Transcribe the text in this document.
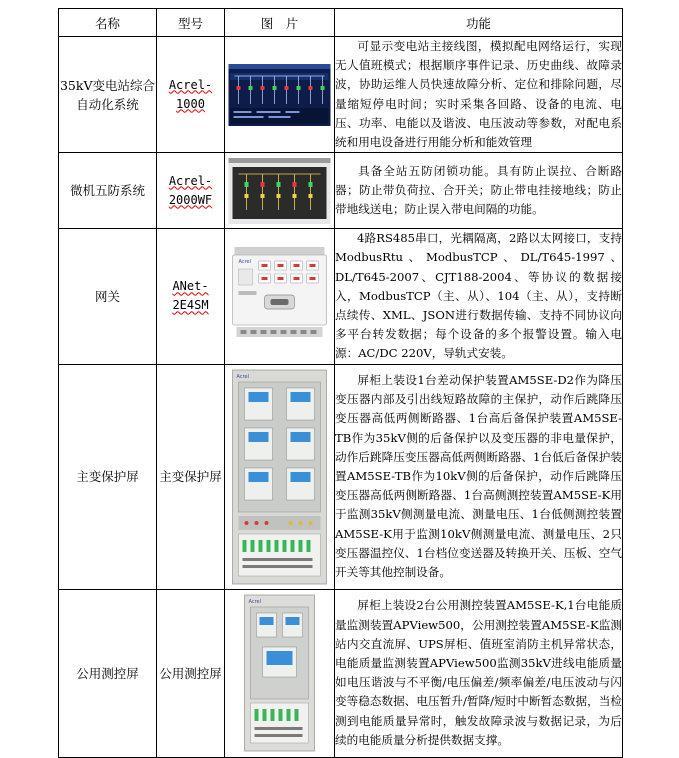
名称	型号	图　片	功能
35kV变电站综合自动化系统	Acrel-1000		可显示变电站主接线图，模拟配电网络运行，实现无人值班模式；根据顺序事件记录、历史曲线、故障录波，协助运维人员快速故障分析、定位和排除问题，尽量缩短停电时间；实时采集各回路、设备的电流、电压、功率、电能以及谐波、电压波动等参数，对配电系统和用电设备进行用能分析和能效管理
微机五防系统	Acrel-2000WF		具备全站五防闭锁功能。具有防止误拉、合断路器；防止带负荷拉、合开关；防止带电挂接地线；防止带地线送电；防止误入带电间隔的功能。
网关	ANet-2E4SM	Acrel	4路RS485串口，光耦隔离，2路以太网接口，支持ModbusRtu、ModbusTCP、DL/T645-1997、DL/T645-2007、CJT188-2004、等协议的数据接入，ModbusTCP（主、从）、104（主、从），支持断点续传、XML、JSON进行数据传输、支持不同协议向多平台转发数据；每个设备的多个报警设置。输入电源：AC/DC 220V，导轨式安装。
主变保护屏	主变保护屏	Acrel	屏柜上装设1台差动保护装置AM5SE-D2作为降压变压器内部及引出线短路故障的主保护，动作后跳降压变压器高低两侧断路器、1台高后备保护装置AM5SE-TB作为35kV侧的后备保护以及变压器的非电量保护，动作后跳降压变压器高低两侧断路器、1台低后备保护装置AM5SE-TB作为10kV侧的后备保护，动作后跳降压变压器高低两侧断路器、1台高侧测控装置AM5SE-K用于监测35kV侧测量电流、测量电压、1台低侧测控装置AM5SE-K用于监测10kV侧测量电流、测量电压、2只变压器温控仪、1台档位变送器及转换开关、压板、空气开关等其他控制设备。
公用测控屏	公用测控屏	Acrel	屏柜上装设2台公用测控装置AM5SE-K,1台电能质量监测装置APView500，公用测控装置AM5SE-K监测站内交直流屏、UPS屏柜、值班室消防主机异常状态，电能质量监测装置APView500监测35kV进线电能质量如电压谐波与不平衡/电压偏差/频率偏差/电压波动与闪变等稳态数据、电压暂升/暂降/短时中断暂态数据，当检测到电能质量异常时，触发故障录波与数据记录，为后续的电能质量分析提供数据支撑。
